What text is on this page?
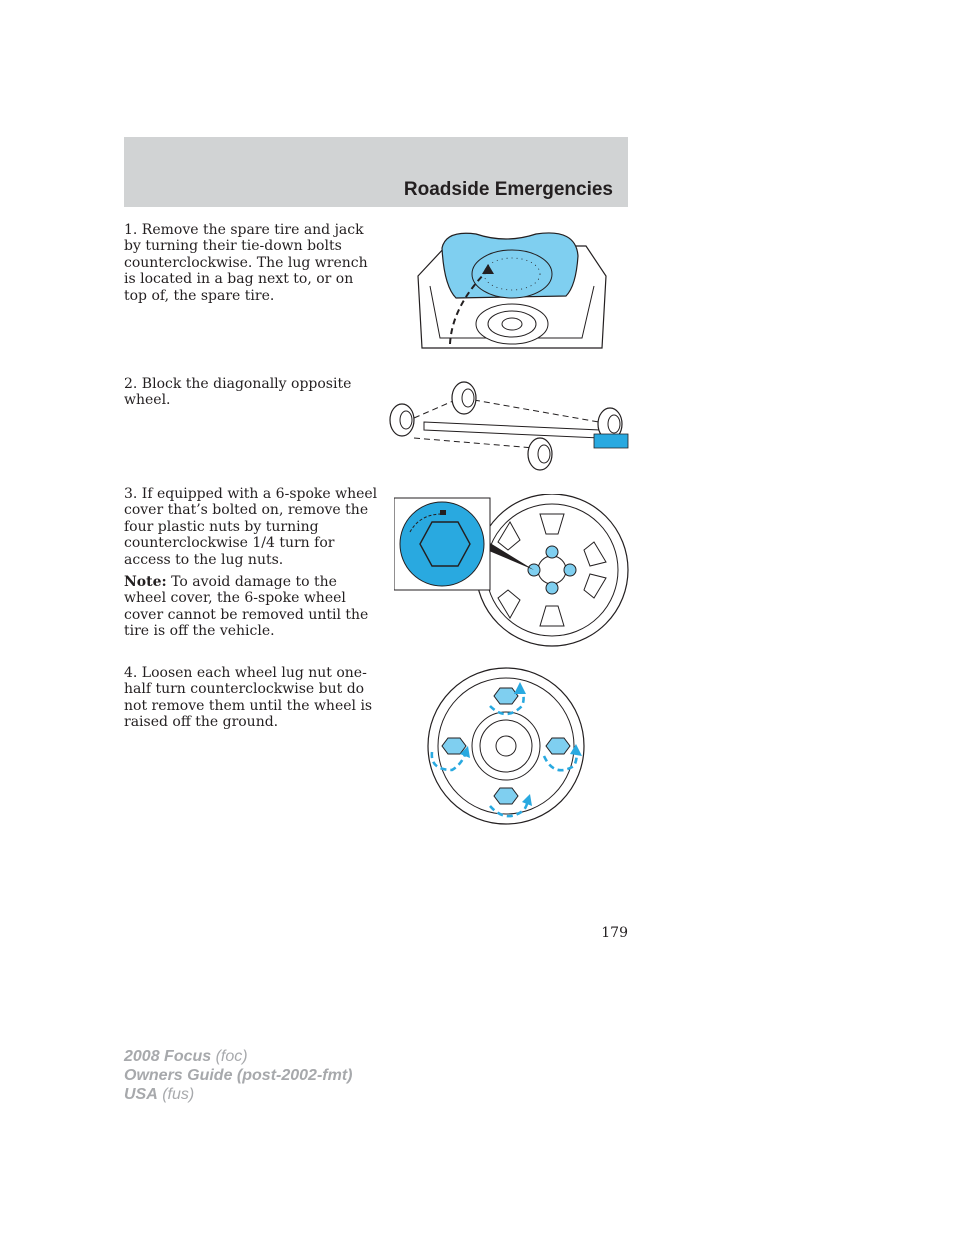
Roadside Emergencies

1. Remove the spare tire and jack by turning their tie-down bolts counterclockwise. The lug wrench is located in a bag next to, or on top of, the spare tire.

2. Block the diagonally opposite wheel.

3. If equipped with a 6-spoke wheel cover that’s bolted on, remove the four plastic nuts by turning counterclockwise 1/4 turn for access to the lug nuts.

Note: To avoid damage to the wheel cover, the 6-spoke wheel cover cannot be removed until the tire is off the vehicle.

4. Loosen each wheel lug nut one-half turn counterclockwise but do not remove them until the wheel is raised off the ground.

179
2008 Focus (foc)
Owners Guide (post-2002-fmt)
USA (fus)
